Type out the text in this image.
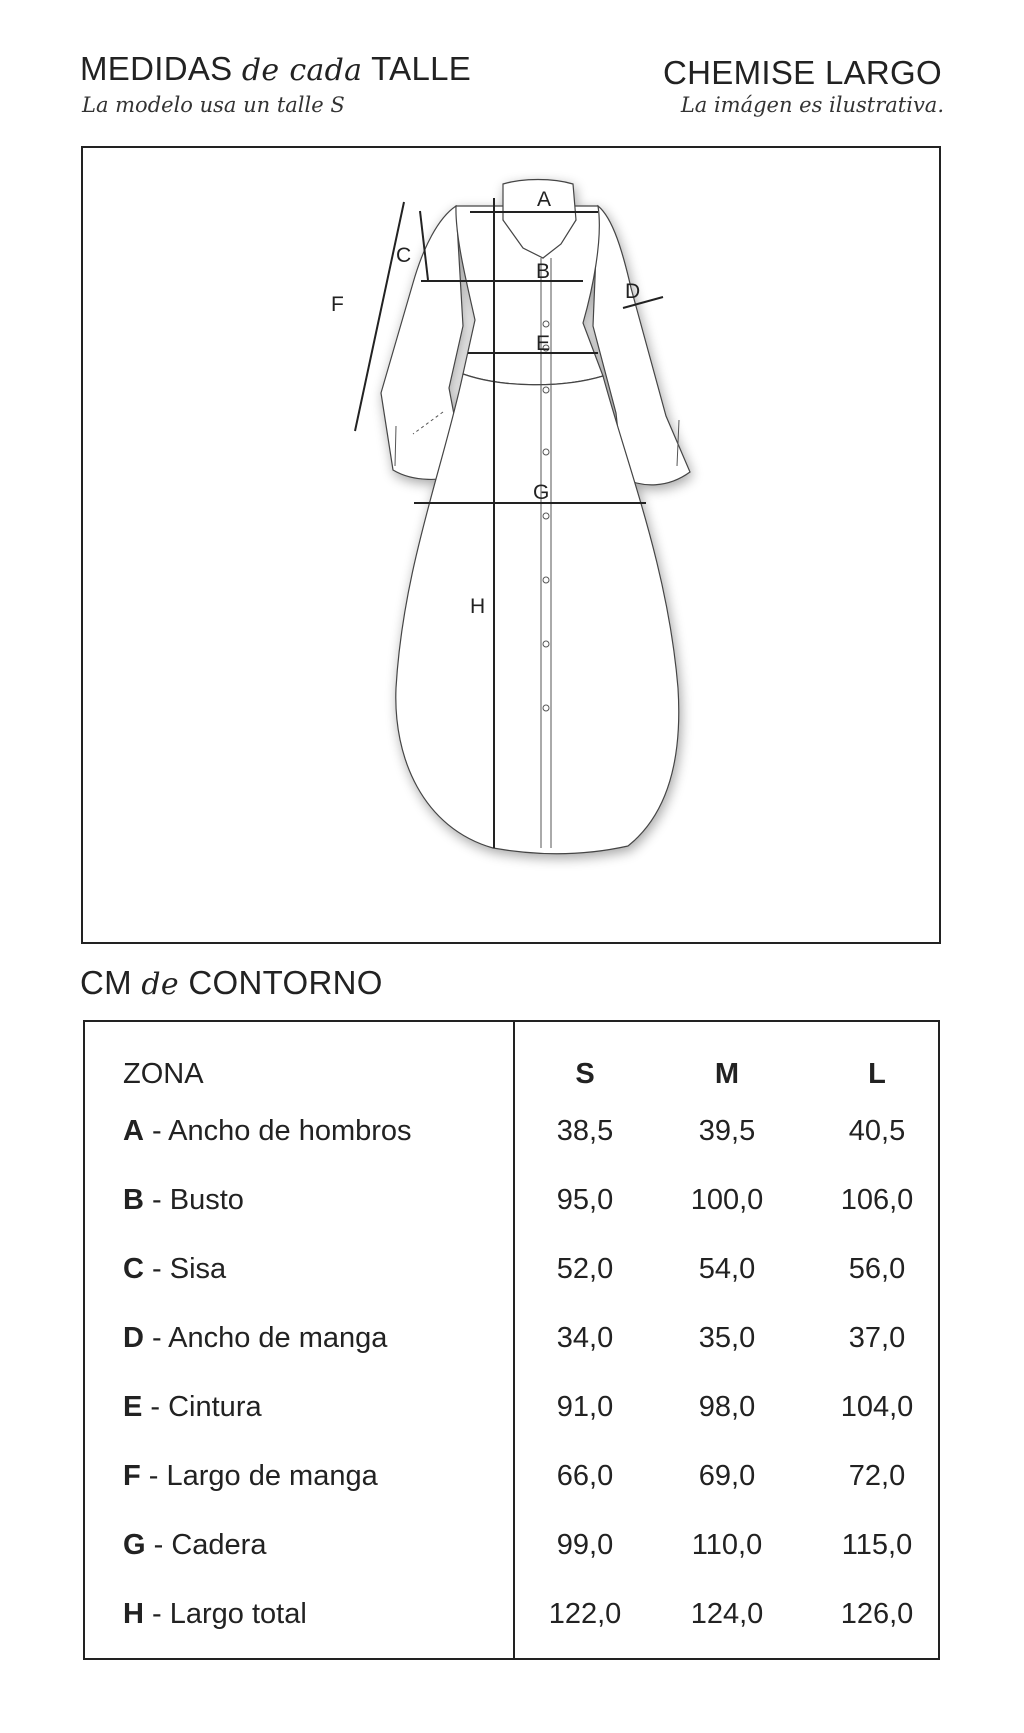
MEDIDAS de cada TALLE
La modelo usa un talle S
CHEMISE LARGO
La imágen es ilustrativa.
A
B
C
D
E
F
G
H
CM de CONTORNO
ZONA	S	M	L
A - Ancho de hombros	38,5	39,5	40,5
B - Busto	95,0	100,0	106,0
C - Sisa	52,0	54,0	56,0
D - Ancho de manga	34,0	35,0	37,0
E - Cintura	91,0	98,0	104,0
F - Largo de manga	66,0	69,0	72,0
G - Cadera	99,0	110,0	115,0
H - Largo total	122,0	124,0	126,0
